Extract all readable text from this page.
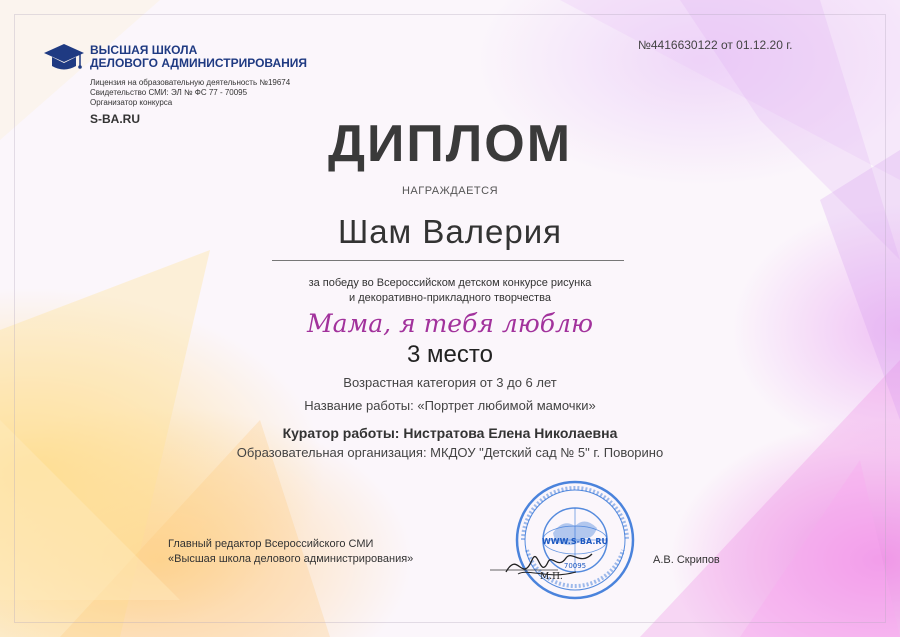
ВЫСШАЯ ШКОЛА
ДЕЛОВОГО АДМИНИСТРИРОВАНИЯ
Лицензия на образовательную деятельность №19674
Свидетельство СМИ: ЭЛ № ФС 77 - 70095
Организатор конкурса
S-BA.RU
№4416630122 от 01.12.20 г.
ДИПЛОМ
НАГРАЖДАЕТСЯ
Шам Валерия
за победу во Всероссийском детском конкурсе рисунка
и декоративно-прикладного творчества
Мама, я тебя люблю
3 место
Возрастная категория от 3 до 6 лет
Название работы: «Портрет любимой мамочки»
Куратор работы: Нистратова Елена Николаевна
Образовательная организация: МКДОУ "Детский сад № 5" г. Поворино
Главный редактор Всероссийского СМИ
«Высшая школа делового администрирования»
WWW.S-BA.RU
70095
М.П.
А.В. Скрипов
